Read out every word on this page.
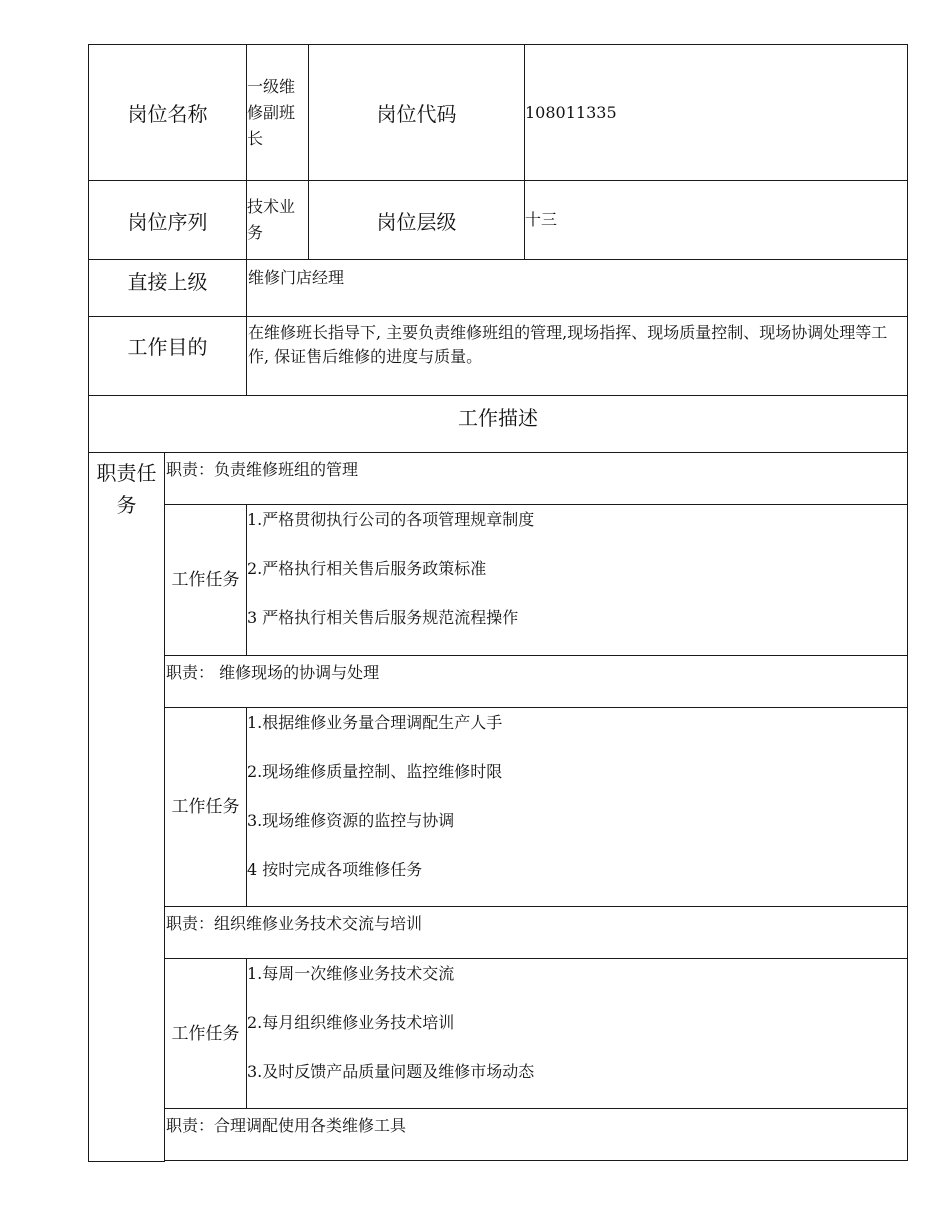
岗位名称		一级维修副班长	岗位代码	108011335
岗位序列		技术业务	岗位层级	十三
直接上级		维修门店经理		
工作目的		在维修班长指导下, 主要负责维修班组的管理,现场指挥、现场质量控制、现场协调处理等工作, 保证售后维修的进度与质量。		
工作描述				
职责任务	职责：负责维修班组的管理			
	工作任务	1.严格贯彻执行公司的各项管理规章制度
2.严格执行相关售后服务政策标准
3 严格执行相关售后服务规范流程操作		

	职责： 维修现场的协调与处理			
	工作任务	1.根据维修业务量合理调配生产人手
2.现场维修质量控制、监控维修时限
3.现场维修资源的监控与协调
4 按时完成各项维修任务		

	职责：组织维修业务技术交流与培训			
	工作任务	1.每周一次维修业务技术交流
2.每月组织维修业务技术培训
3.及时反馈产品质量问题及维修市场动态		

	职责：合理调配使用各类维修工具			
